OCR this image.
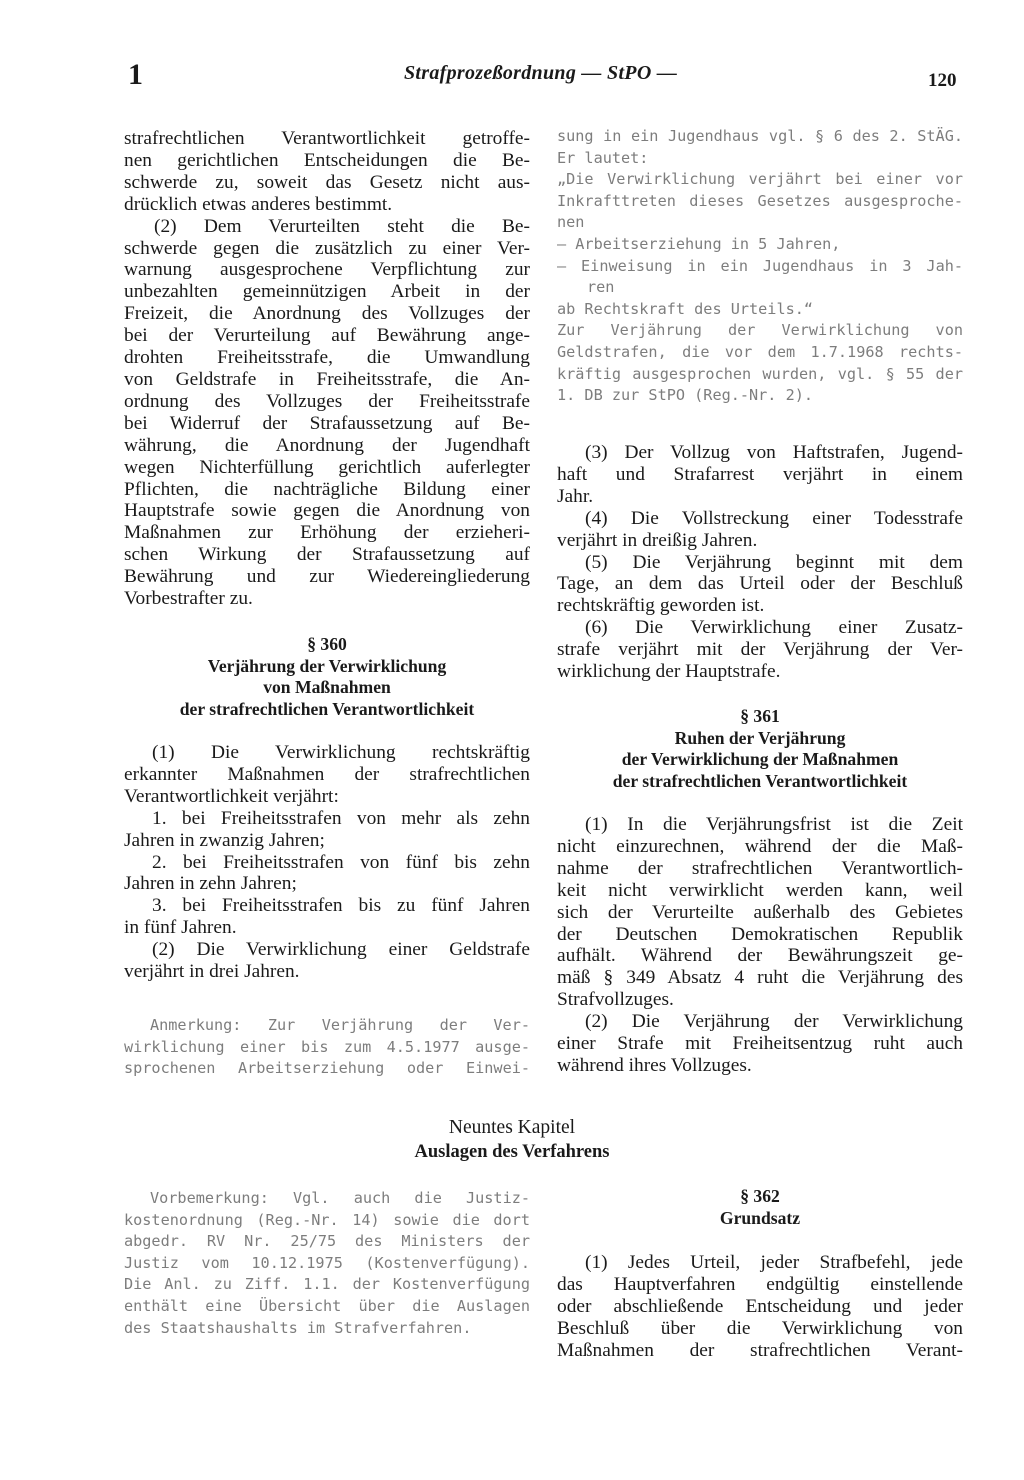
1	Strafprozeßordnung — StPO —	120

strafrechtlichen Verantwortlichkeit getroffe-
nen gerichtlichen Entscheidungen die Be-
schwerde zu, soweit das Gesetz nicht aus-
drücklich etwas anderes bestimmt.

(2) Dem Verurteilten steht die Be-
schwerde gegen die zusätzlich zu einer Ver-
warnung ausgesprochene Verpflichtung zur
unbezahlten gemeinnützigen Arbeit in der
Freizeit, die Anordnung des Vollzuges der
bei der Verurteilung auf Bewährung ange-
drohten Freiheitsstrafe, die Umwandlung
von Geldstrafe in Freiheitsstrafe, die An-
ordnung des Vollzuges der Freiheitsstrafe
bei Widerruf der Strafaussetzung auf Be-
währung, die Anordnung der Jugendhaft
wegen Nichterfüllung gerichtlich auferlegter
Pflichten, die nachträgliche Bildung einer
Hauptstrafe sowie gegen die Anordnung von
Maßnahmen zur Erhöhung der erzieheri-
schen Wirkung der Strafaussetzung auf
Bewährung und zur Wiedereingliederung
Vorbestrafter zu.

§ 360
Verjährung der Verwirklichung
von Maßnahmen
der strafrechtlichen Verantwortlichkeit

(1) Die Verwirklichung rechtskräftig
erkannter Maßnahmen der strafrechtlichen
Verantwortlichkeit verjährt:

1. bei Freiheitsstrafen von mehr als zehn
Jahren in zwanzig Jahren;

2. bei Freiheitsstrafen von fünf bis zehn
Jahren in zehn Jahren;

3. bei Freiheitsstrafen bis zu fünf Jahren
in fünf Jahren.

(2) Die Verwirklichung einer Geldstrafe
verjährt in drei Jahren.

Anmerkung: Zur Verjährung der Ver-
wirklichung einer bis zum 4.5.1977 ausge-
sprochenen Arbeitserziehung oder Einwei-

sung in ein Jugendhaus vgl. § 6 des 2. StÄG.
Er lautet:
„Die Verwirklichung verjährt bei einer vor
Inkrafttreten dieses Gesetzes ausgesproche-
nen
— Arbeitserziehung in 5 Jahren,
— Einweisung in ein Jugendhaus in 3 Jah-
ren
ab Rechtskraft des Urteils.“
Zur Verjährung der Verwirklichung von
Geldstrafen, die vor dem 1.7.1968 rechts-
kräftig ausgesprochen wurden, vgl. § 55 der
1. DB zur StPO (Reg.-Nr. 2).

(3) Der Vollzug von Haftstrafen, Jugend-
haft und Strafarrest verjährt in einem
Jahr.

(4) Die Vollstreckung einer Todesstrafe
verjährt in dreißig Jahren.

(5) Die Verjährung beginnt mit dem
Tage, an dem das Urteil oder der Beschluß
rechtskräftig geworden ist.

(6) Die Verwirklichung einer Zusatz-
strafe verjährt mit der Verjährung der Ver-
wirklichung der Hauptstrafe.

§ 361
Ruhen der Verjährung
der Verwirklichung der Maßnahmen
der strafrechtlichen Verantwortlichkeit

(1) In die Verjährungsfrist ist die Zeit
nicht einzurechnen, während der die Maß-
nahme der strafrechtlichen Verantwortlich-
keit nicht verwirklicht werden kann, weil
sich der Verurteilte außerhalb des Gebietes
der Deutschen Demokratischen Republik
aufhält. Während der Bewährungszeit ge-
mäß § 349 Absatz 4 ruht die Verjährung des
Strafvollzuges.

(2) Die Verjährung der Verwirklichung
einer Strafe mit Freiheitsentzug ruht auch
während ihres Vollzuges.

Neuntes Kapitel
Auslagen des Verfahrens

Vorbemerkung: Vgl. auch die Justiz-
kostenordnung (Reg.-Nr. 14) sowie die dort
abgedr. RV Nr. 25/75 des Ministers der
Justiz vom 10.12.1975 (Kostenverfügung).
Die Anl. zu Ziff. 1.1. der Kostenverfügung
enthält eine Übersicht über die Auslagen
des Staatshaushalts im Strafverfahren.

§ 362
Grundsatz

(1) Jedes Urteil, jeder Strafbefehl, jede
das Hauptverfahren endgültig einstellende
oder abschließende Entscheidung und jeder
Beschluß über die Verwirklichung von
Maßnahmen der strafrechtlichen Verant-
